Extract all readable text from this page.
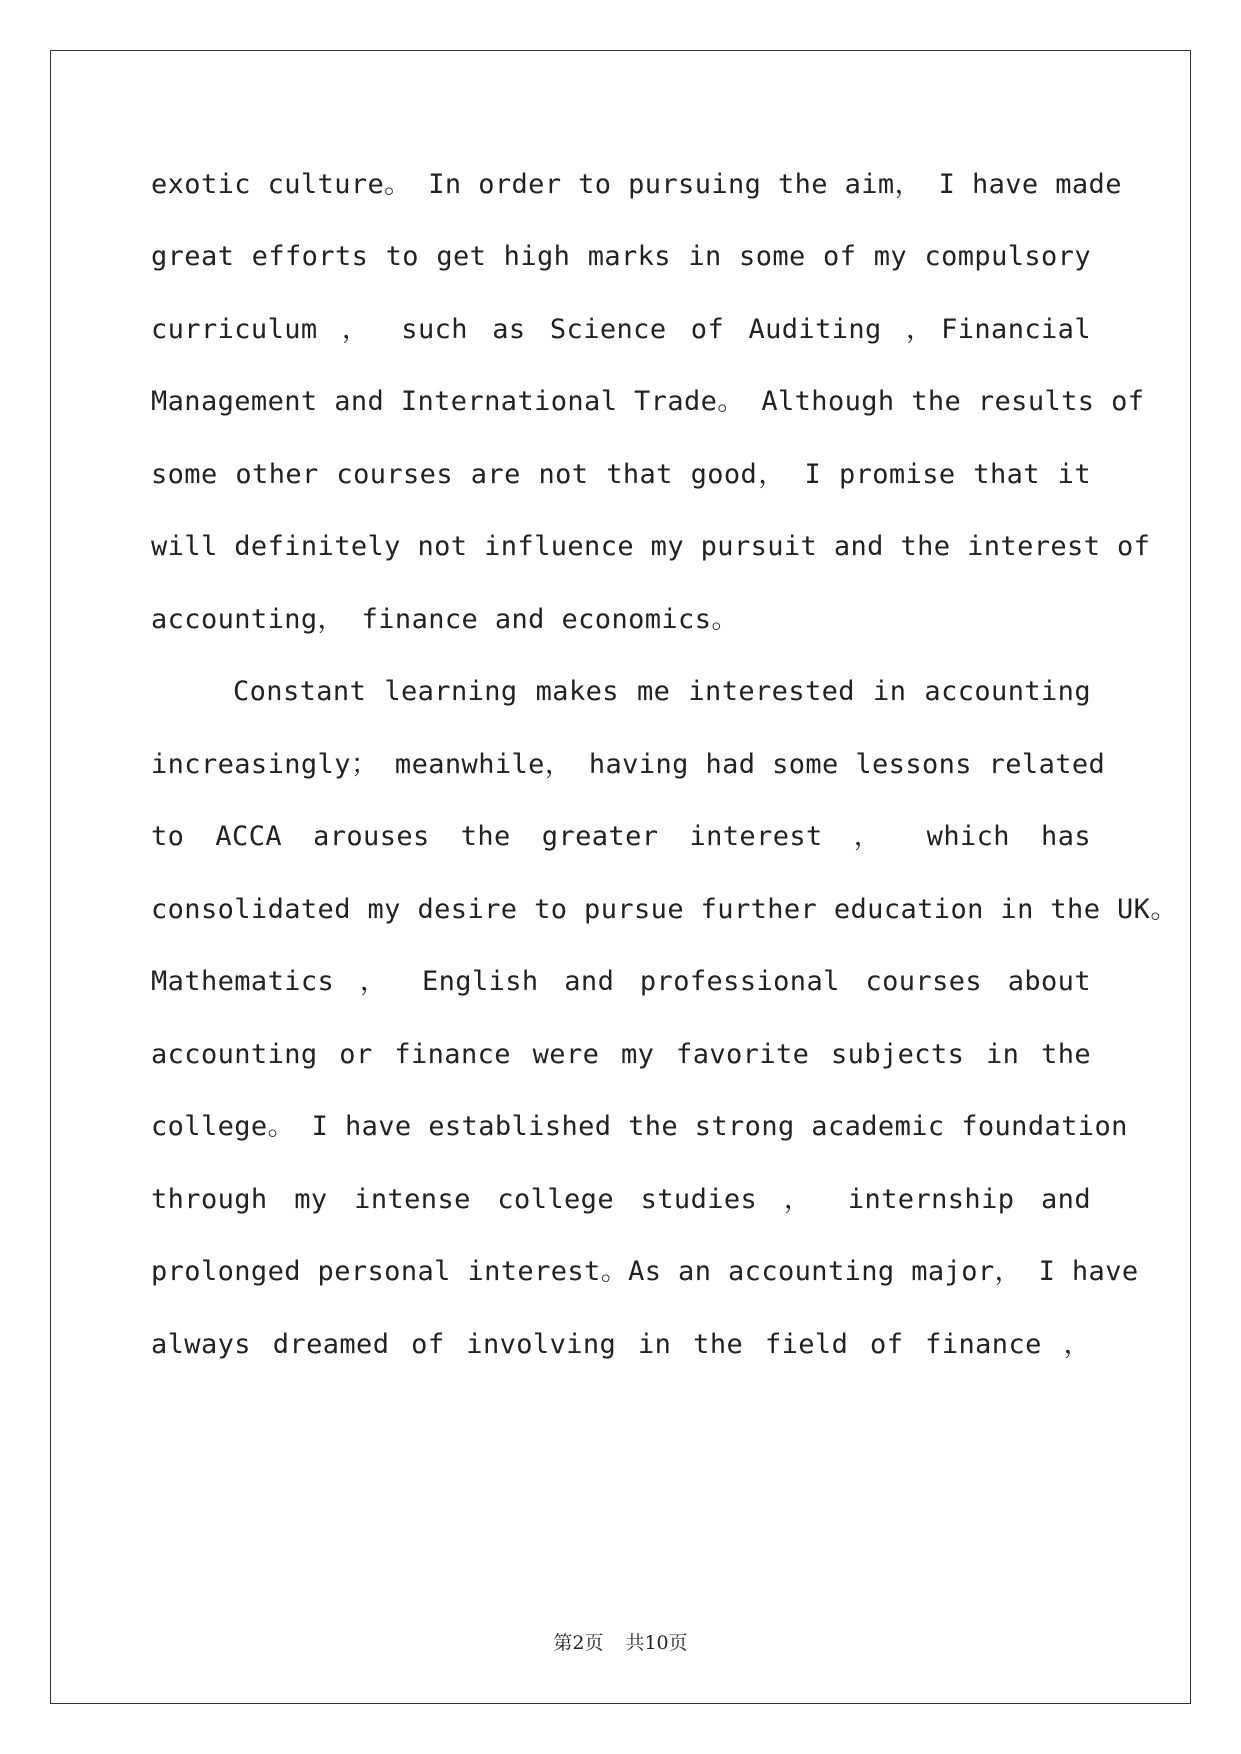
exotic culture。 In order to pursuing the aim， I have made
great efforts to get high marks in some of my compulsory
curriculum ， such as Science of Auditing ，Financial
Management and International Trade。 Although the results of
some other courses are not that good， I promise that it
will definitely not influence my pursuit and the interest of
accounting， finance and economics。
Constant learning makes me interested in accounting
increasingly； meanwhile， having had some lessons related
to ACCA arouses the greater interest ， which has
consolidated my desire to pursue further education in the UK。
Mathematics ， English and professional courses about
accounting or finance were my favorite subjects in the
college。 I have established the strong academic foundation
through my intense college studies ， internship and
prolonged personal interest。As an accounting major， I have
always dreamed of involving in the field of finance ，
第2页 共10页
